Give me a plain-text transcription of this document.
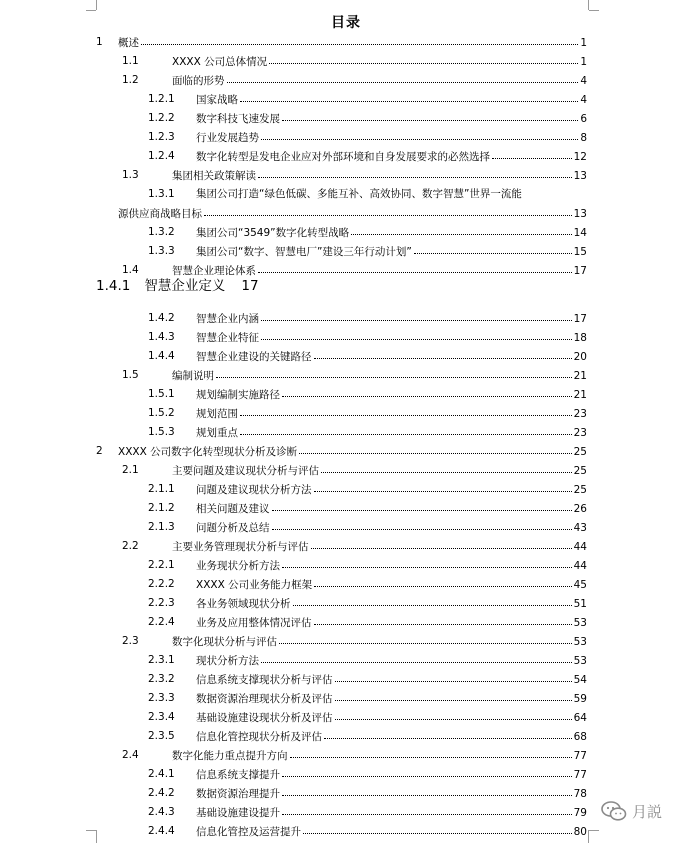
目录
1 概述	1
1.1	XXXX 公司总体情况	1
1.2	面临的形势	4
1.2.1 国家战略	4
1.2.2 数字科技飞速发展	6
1.2.3 行业发展趋势	8
1.2.4 数字化转型是发电企业应对外部环境和自身发展要求的必然选择	12
1.3	集团相关政策解读	13
1.3.1 集团公司打造“绿色低碳、多能互补、高效协同、数字智慧”世界一流能
源供应商战略目标	13
1.3.2 集团公司“3549”数字化转型战略	14
1.3.3 集团公司“数字、智慧电厂”建设三年行动计划”	15
1.4	智慧企业理论体系	17
1.4.1 智慧企业定义 17
1.4.2 智慧企业内涵	17
1.4.3 智慧企业特征	18
1.4.4 智慧企业建设的关键路径	20
1.5	编制说明	21
1.5.1 规划编制实施路径	21
1.5.2 规划范围	23
1.5.3 规划重点	23
2 XXXX 公司数字化转型现状分析及诊断	25
2.1	主要问题及建议现状分析与评估	25
2.1.1 问题及建议现状分析方法	25
2.1.2 相关问题及建议	26
2.1.3 问题分析及总结	43
2.2	主要业务管理现状分析与评估	44
2.2.1 业务现状分析方法	44
2.2.2 XXXX 公司业务能力框架	45
2.2.3 各业务领域现状分析	51
2.2.4 业务及应用整体情况评估	53
2.3	数字化现状分析与评估	53
2.3.1 现状分析方法	53
2.3.2 信息系统支撑现状分析与评估	54
2.3.3 数据资源治理现状分析及评估	59
2.3.4 基础设施建设现状分析及评估	64
2.3.5 信息化管控现状分析及评估	68
2.4	数字化能力重点提升方向	77
2.4.1 信息系统支撑提升	77
2.4.2 数据资源治理提升	78
2.4.3 基础设施建设提升	79
2.4.4 信息化管控及运营提升	80
月説
